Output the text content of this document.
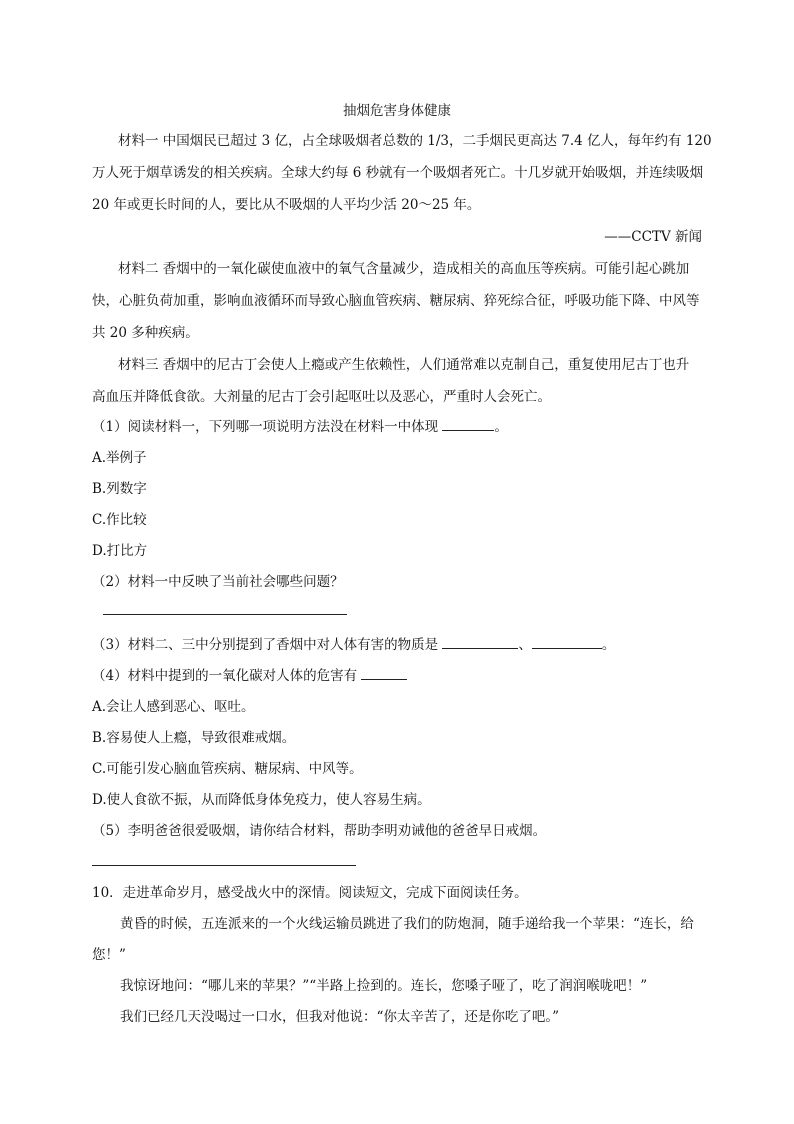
抽烟危害身体健康
材料一 中国烟民已超过 3 亿，占全球吸烟者总数的 1/3，二手烟民更高达 7.4 亿人，每年约有 120
万人死于烟草诱发的相关疾病。全球大约每 6 秒就有一个吸烟者死亡。十几岁就开始吸烟，并连续吸烟
20 年或更长时间的人，要比从不吸烟的人平均少活 20～25 年。
——CCTV 新闻
材料二 香烟中的一氧化碳使血液中的氧气含量减少，造成相关的高血压等疾病。可能引起心跳加
快，心脏负荷加重，影响血液循环而导致心脑血管疾病、糖尿病、猝死综合征，呼吸功能下降、中风等
共 20 多种疾病。
材料三 香烟中的尼古丁会使人上瘾或产生依赖性，人们通常难以克制自己，重复使用尼古丁也升
高血压并降低食欲。大剂量的尼古丁会引起呕吐以及恶心，严重时人会死亡。
（1）阅读材料一，下列哪一项说明方法没在材料一中体现	。
A.举例子
B.列数字
C.作比较
D.打比方
（2）材料一中反映了当前社会哪些问题？
（3）材料二、三中分别提到了香烟中对人体有害的物质是	、	。
（4）材料中提到的一氧化碳对人体的危害有
A.会让人感到恶心、呕吐。
B.容易使人上瘾，导致很难戒烟。
C.可能引发心脑血管疾病、糖尿病、中风等。
D.使人食欲不振，从而降低身体免疫力，使人容易生病。
（5）李明爸爸很爱吸烟，请你结合材料，帮助李明劝诫他的爸爸早日戒烟。
10．走进革命岁月，感受战火中的深情。阅读短文，完成下面阅读任务。
黄昏的时候，五连派来的一个火线运输员跳进了我们的防炮洞，随手递给我一个苹果：“连长，给
您！”
我惊讶地问：“哪儿来的苹果？”“半路上捡到的。连长，您嗓子哑了，吃了润润喉咙吧！”
我们已经几天没喝过一口水，但我对他说：“你太辛苦了，还是你吃了吧。”
